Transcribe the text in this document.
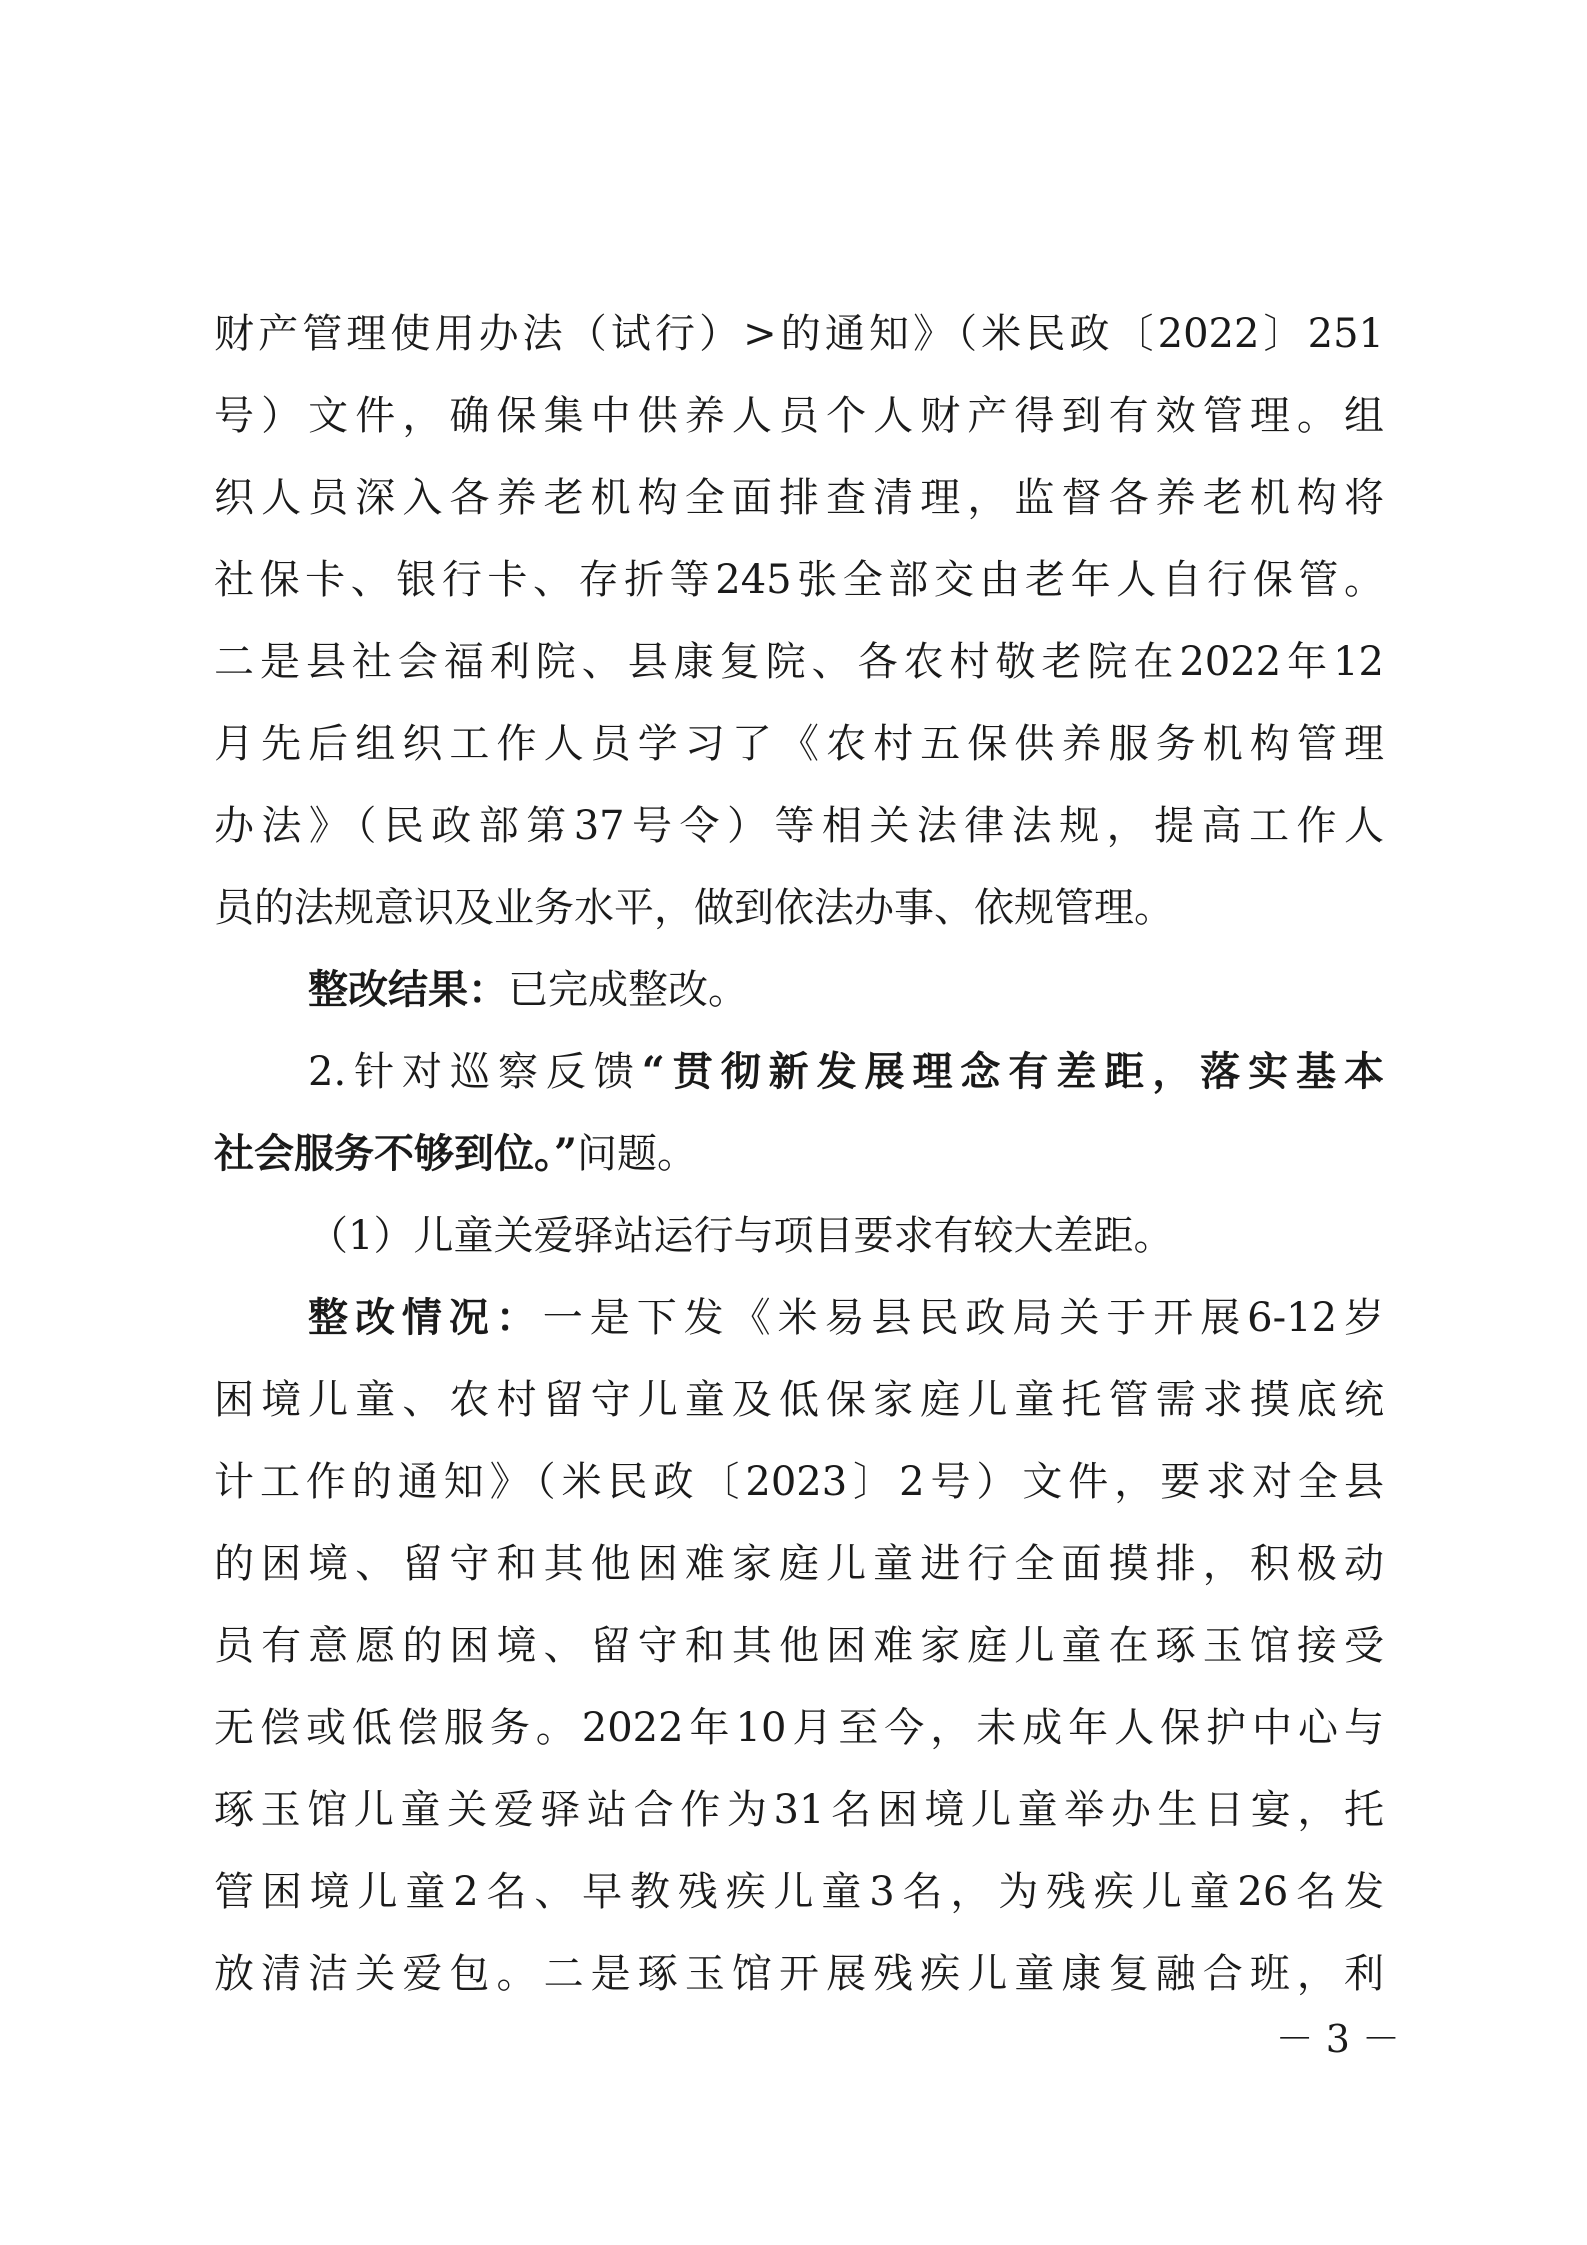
财产管理使用办法（试行）>的通知》（米民政〔2022〕251
号）文件，确保集中供养人员个人财产得到有效管理。组
织人员深入各养老机构全面排查清理，监督各养老机构将
社保卡、银行卡、存折等245张全部交由老年人自行保管。
二是县社会福利院、县康复院、各农村敬老院在2022年12
月先后组织工作人员学习了《农村五保供养服务机构管理
办法》（民政部第37号令）等相关法律法规，提高工作人
员的法规意识及业务水平，做到依法办事、依规管理。
整改结果：已完成整改。
2.针对巡察反馈“贯彻新发展理念有差距，落实基本
社会服务不够到位。”问题。
（1）儿童关爱驿站运行与项目要求有较大差距。
整改情况：一是下发《米易县民政局关于开展6-12岁
困境儿童、农村留守儿童及低保家庭儿童托管需求摸底统
计工作的通知》（米民政〔2023〕2号）文件，要求对全县
的困境、留守和其他困难家庭儿童进行全面摸排，积极动
员有意愿的困境、留守和其他困难家庭儿童在琢玉馆接受
无偿或低偿服务。2022年10月至今，未成年人保护中心与
琢玉馆儿童关爱驿站合作为31名困境儿童举办生日宴，托
管困境儿童2名、早教残疾儿童3名，为残疾儿童26名发
放清洁关爱包。二是琢玉馆开展残疾儿童康复融合班，利
－ 3 －
